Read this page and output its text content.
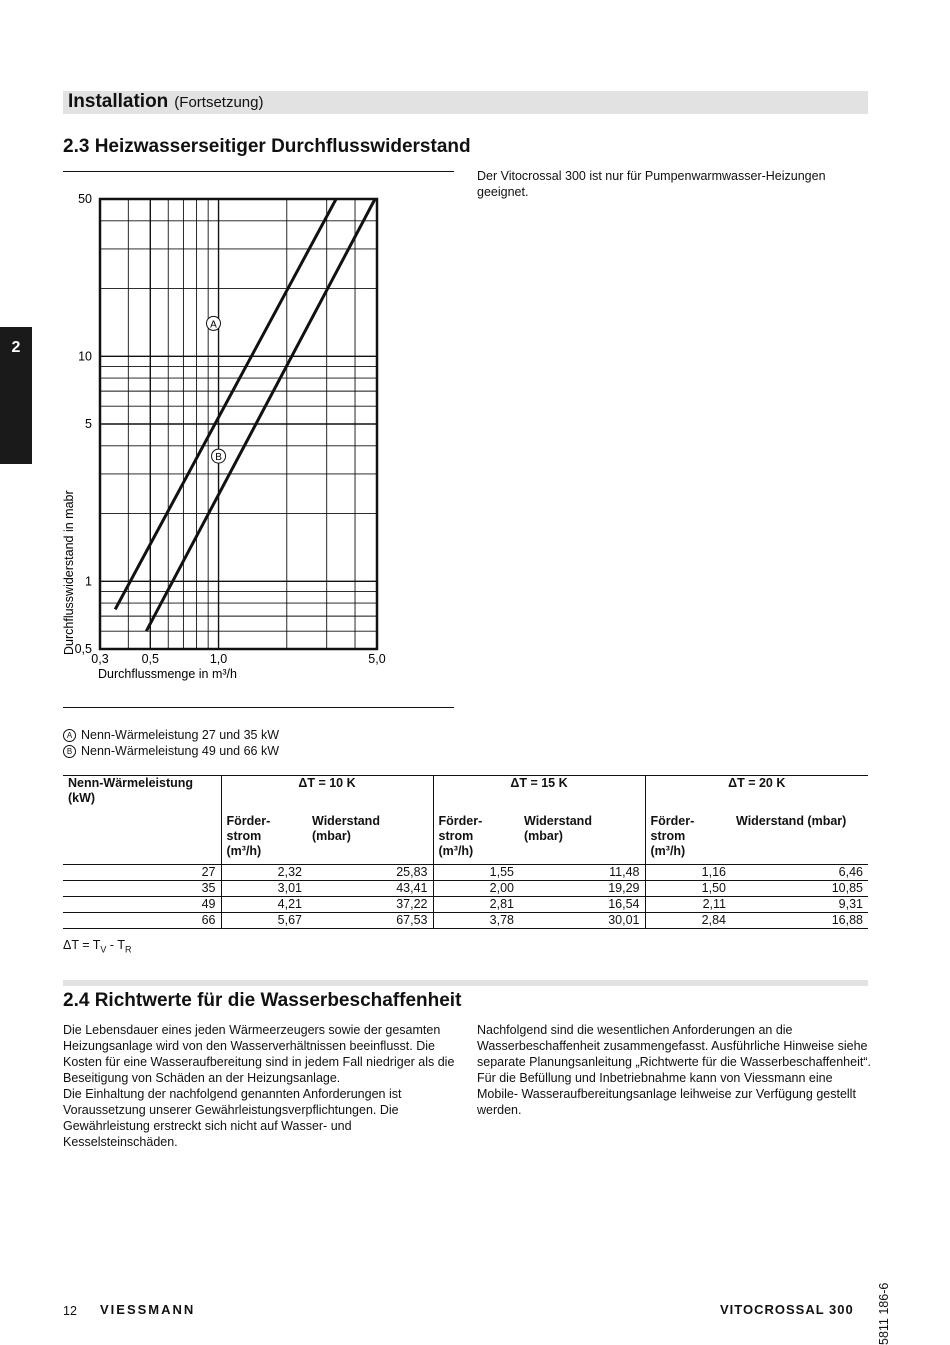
Installation (Fortsetzung)
2
2.3 Heizwasserseitiger Durchflusswiderstand
Der Vitocrossal 300 ist nur für Pumpenwarmwasser-Heizungen geeignet.
A
B
0,3	0,5	1,0	5,0
0,5
1
5
10
50
Durchflussmenge in m³/h
Durchflusswiderstand in mabr
A Nenn-Wärmeleistung 27 und 35 kW
B Nenn-Wärmeleistung 49 und 66 kW
Nenn-Wärmeleistung
(kW)	ΔT = 10 K		ΔT = 15 K		ΔT = 20 K	
	Förder-
strom
(m³/h)	Widerstand
(mbar)	Förder-
strom
(m³/h)	Widerstand
(mbar)	Förder-
strom
(m³/h)	Widerstand (mbar)
27	2,32	25,83	1,55	11,48	1,16	6,46
35	3,01	43,41	2,00	19,29	1,50	10,85
49	4,21	37,22	2,81	16,54	2,11	9,31
66	5,67	67,53	3,78	30,01	2,84	16,88
$\Delta T = T_V - T_R$
2.4 Richtwerte für die Wasserbeschaffenheit
Die Lebensdauer eines jeden Wärmeerzeugers sowie der gesamten Heizungsanlage wird von den Wasserverhältnissen beeinflusst. Die Kosten für eine Wasseraufbereitung sind in jedem Fall niedriger als die Beseitigung von Schäden an der Heizungsanlage.
Die Einhaltung der nachfolgend genannten Anforderungen ist Voraussetzung unserer Gewährleistungsverpflichtungen. Die Gewährleistung erstreckt sich nicht auf Wasser- und Kesselsteinschäden.
Nachfolgend sind die wesentlichen Anforderungen an die Wasserbeschaffenheit zusammengefasst. Ausführliche Hinweise siehe separate Planungsanleitung „Richtwerte für die Wasserbeschaffenheit“. Für die Befüllung und Inbetriebnahme kann von Viessmann eine Mobile- Wasseraufbereitungsanlage leihweise zur Verfügung gestellt werden.
5811 186-6
12 VIESSMANN	VITOCROSSAL 300
